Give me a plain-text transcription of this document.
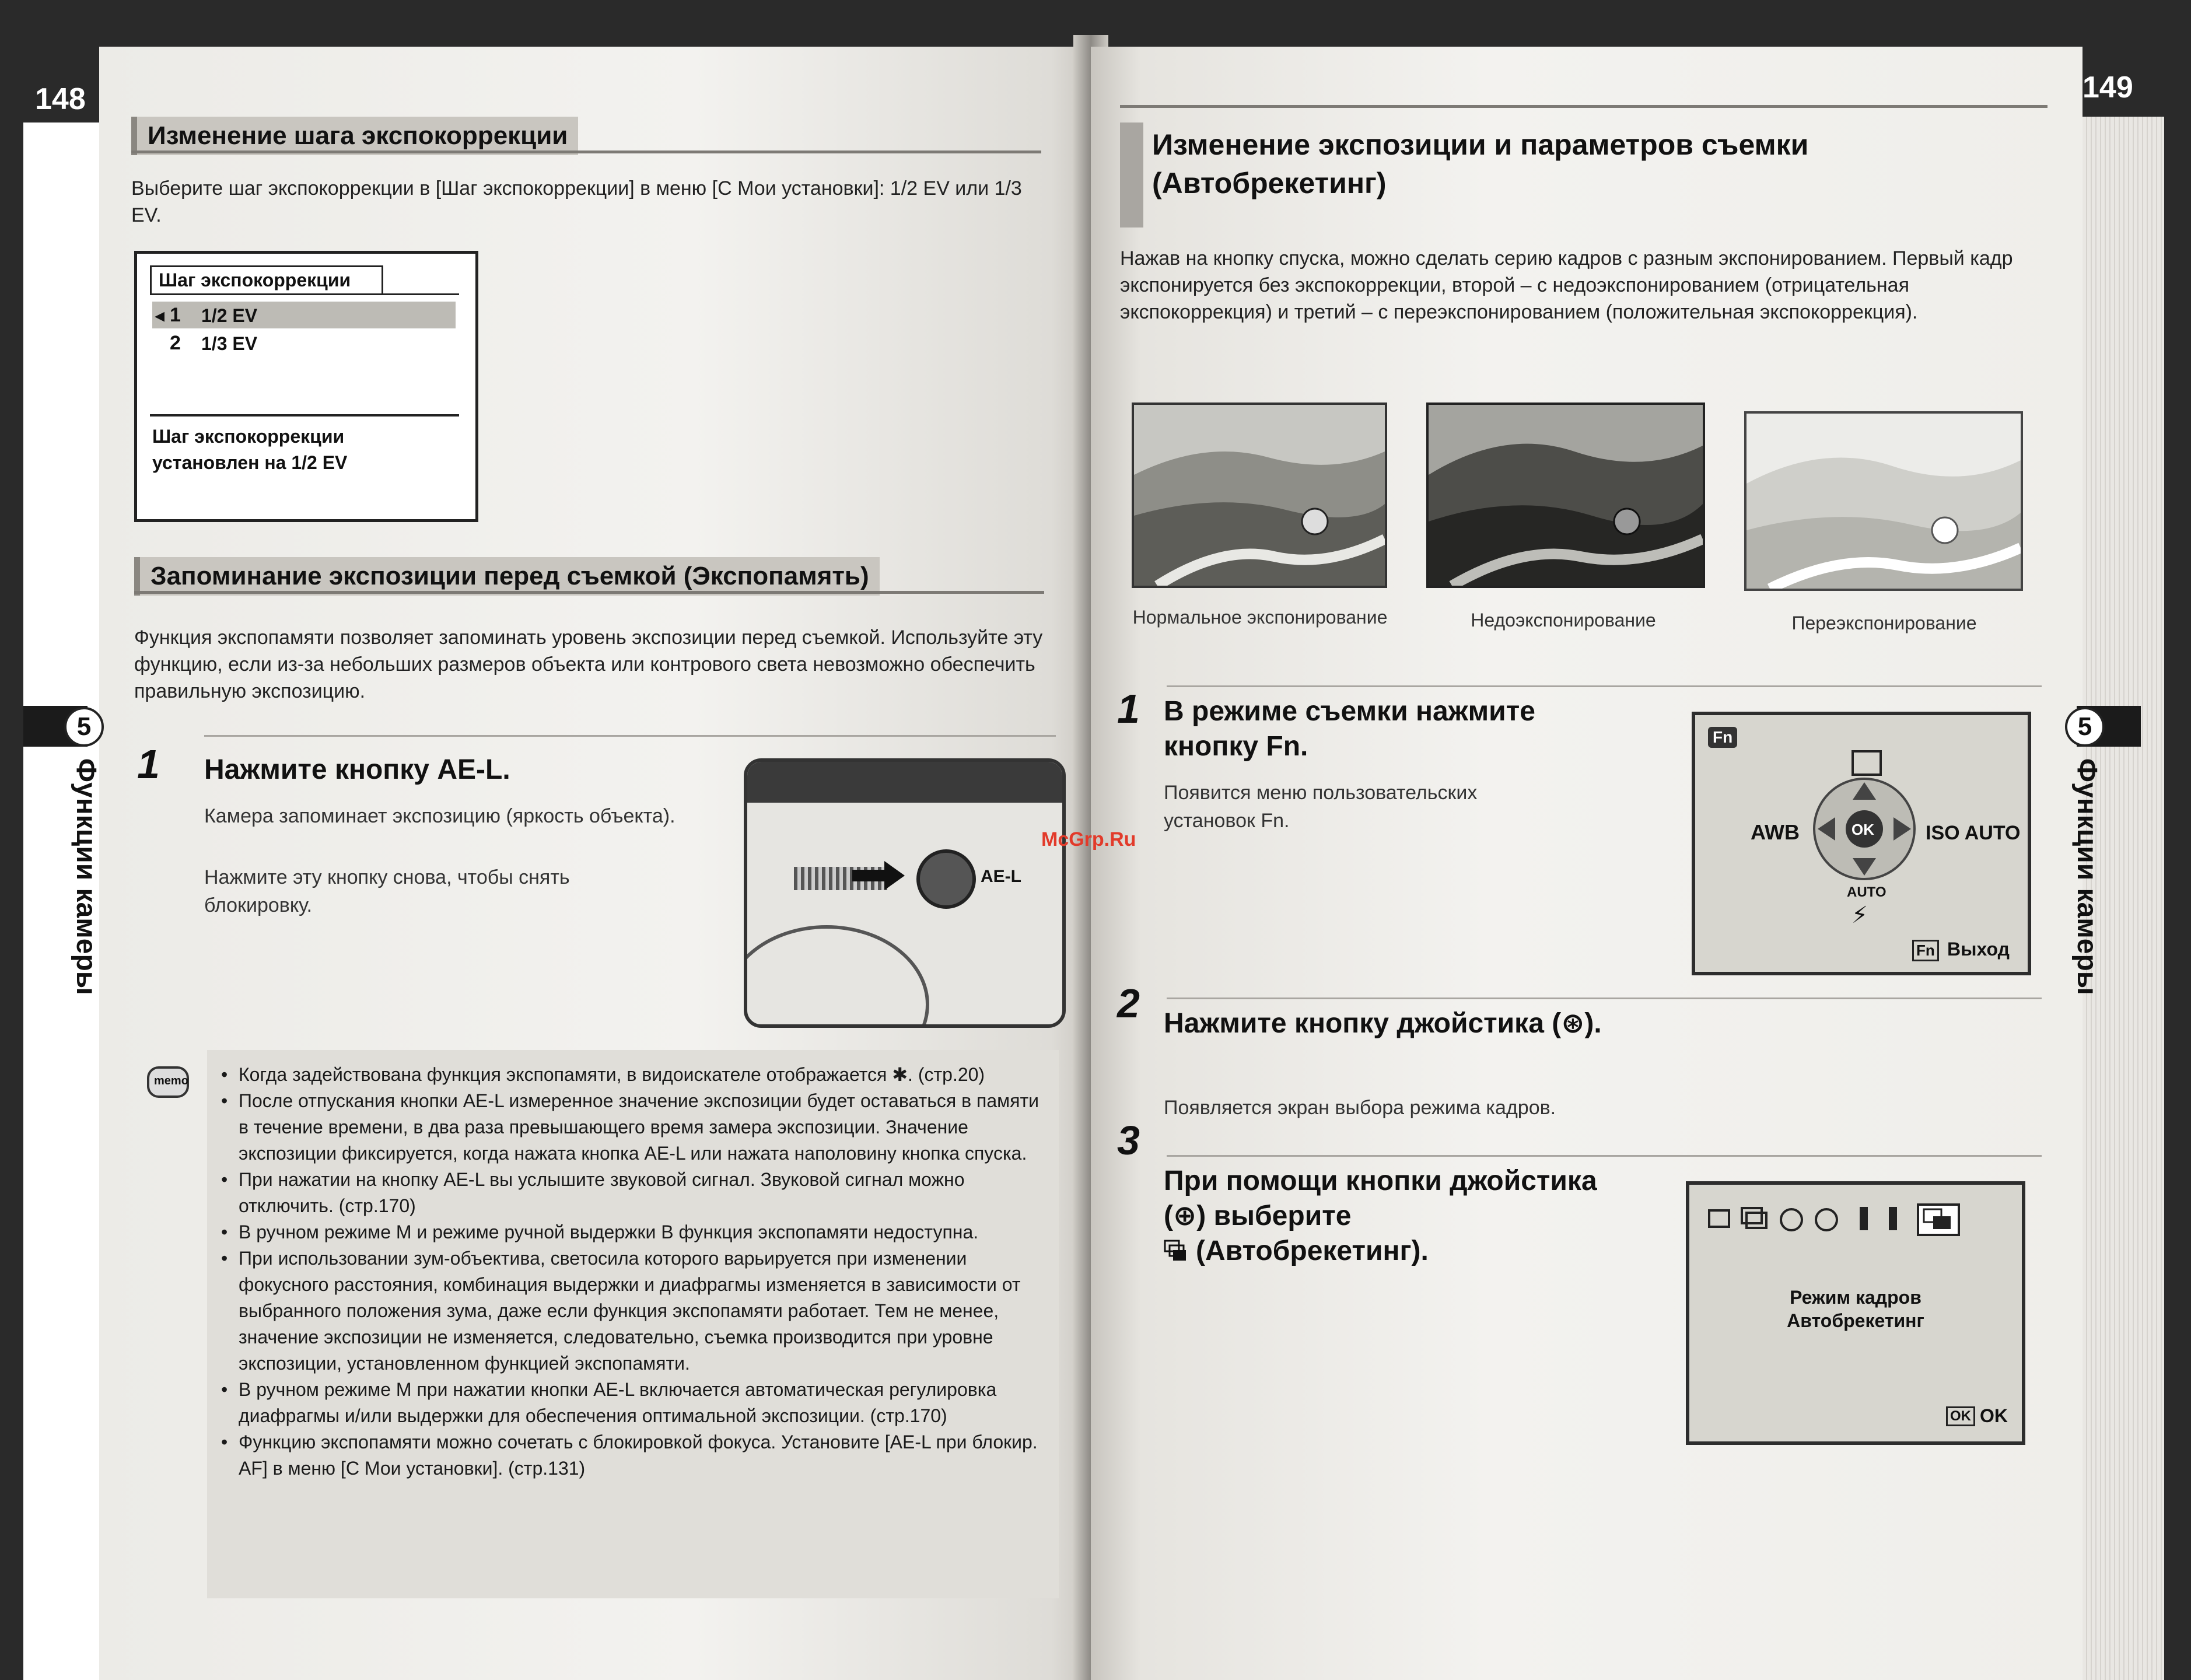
148
5
Функции камеры
Изменение шага экспокоррекции
Выберите шаг экспокоррекции в [Шаг экспокоррекции] в меню [C Мои установки]: 1/2 EV или 1/3 EV.
Шаг экспокоррекции
◂ 1 1/2 EV
2 1/3 EV
Шаг экспокоррекции
установлен на 1/2 EV
Запоминание экспозиции перед съемкой (Экспопамять)
Функция экспопамяти позволяет запоминать уровень экспозиции перед съемкой. Используйте эту функцию, если из-за небольших размеров объекта или контрового света невозможно обеспечить правильную экспозицию.
1 Нажмите кнопку AE-L.
Камера запоминает экспозицию (яркость объекта).
Нажмите эту кнопку снова, чтобы снять блокировку.
AE-L
memo
•	Когда задействована функция экспопамяти, в видоискателе отображается ✱. (стр.20)
• После отпускания кнопки AE-L измеренное значение экспозиции будет оставаться в памяти в течение времени, в два раза превышающего время замера экспозиции. Значение экспозиции фиксируется, когда нажата кнопка AE-L или нажата наполовину кнопка спуска.
• При нажатии на кнопку AE-L вы услышите звуковой сигнал. Звуковой сигнал можно отключить. (стр.170)
• В ручном режиме M и режиме ручной выдержки B функция экспопамяти недоступна.
• При использовании зум-объектива, светосила которого варьируется при изменении фокусного расстояния, комбинация выдержки и диафрагмы изменяется в зависимости от выбранного положения зума, даже если функция экспопамяти работает. Тем не менее, значение экспозиции не изменяется, следовательно, съемка производится при уровне экспозиции, установленном функцией экспопамяти.
• В ручном режиме M при нажатии кнопки AE-L включается автоматическая регулировка диафрагмы и/или выдержки для обеспечения оптимальной экспозиции. (стр.170)
• Функцию экспопамяти можно сочетать с блокировкой фокуса. Установите [AE-L при блокир. AF] в меню [C Мои установки]. (стр.131)
149
Изменение экспозиции и параметров съемки (Автобрекетинг)
Нажав на кнопку спуска, можно сделать серию кадров с разным экспонированием. Первый кадр экспонируется без экспокоррекции, второй – с недоэкспонированием (отрицательная экспокоррекция) и третий – с переэкспонированием (положительная экспокоррекция).
Нормальное экспонирование	Недоэкспонирование	Переэкспонирование
1 В режиме съемки нажмите кнопку Fn.
Появится меню пользовательских установок Fn.
Fn
OK
AWB	ISO AUTO
AUTO
⚡
Fn Выход
2 Нажмите кнопку джойстика (⊛).
Появляется экран выбора режима кадров.
3
При помощи кнопки джойстика
(⊕) выберите
(Автобрекетинг).
Режим кадров
Автобрекетинг
OK OK
McGrp.Ru
5
Функции камеры
